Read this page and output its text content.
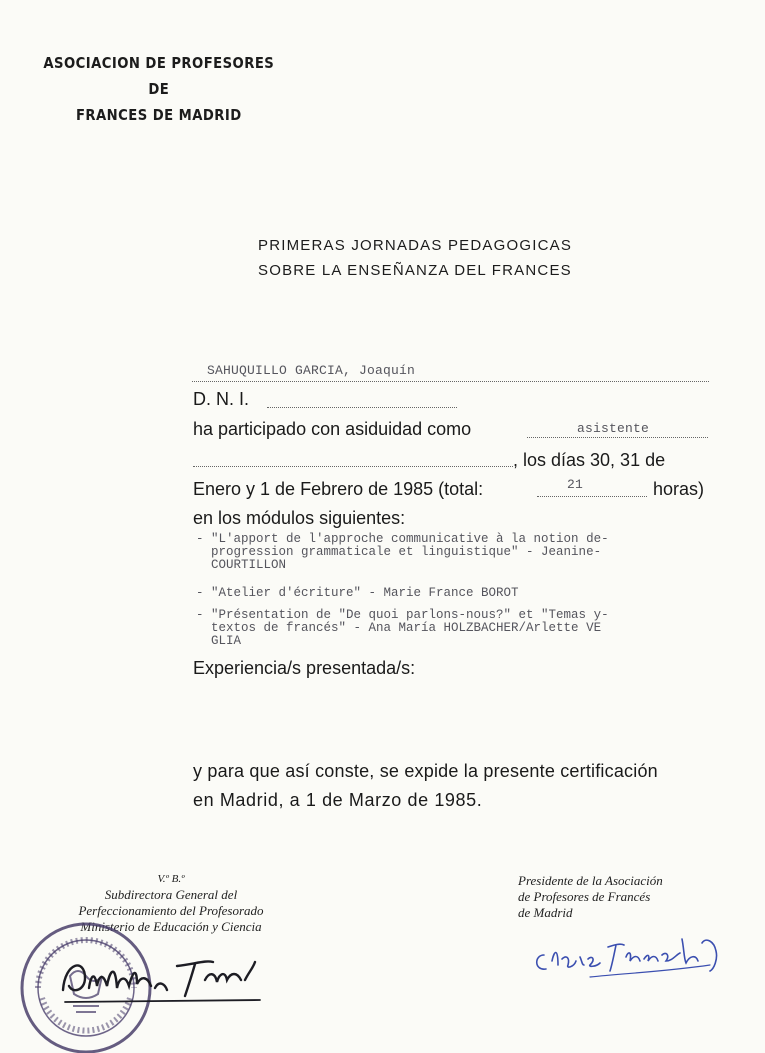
ASOCIACION DE PROFESORES DE
FRANCES DE MADRID
PRIMERAS JORNADAS PEDAGOGICAS
SOBRE LA ENSEÑANZA DEL FRANCES
SAHUQUILLO GARCIA, Joaquín
D. N. I.
ha participado con asiduidad como	asistente
, los días 30, 31 de
Enero y 1 de Febrero de 1985 (total:	21	horas)
en los módulos siguientes:
- "L'apport de l'approche communicative à la notion de-
progression grammaticale et linguistique" - Jeanine-
COURTILLON
- "Atelier d'écriture" - Marie France BOROT
- "Présentation de "De quoi parlons-nous?" et "Temas y-
textos de francés" - Ana María HOLZBACHER/Arlette VE
GLIA
Experiencia/s presentada/s:
y para que así conste, se expide la presente certificación
en Madrid, a 1 de Marzo de 1985.
V.º B.º
Subdirectora General del
Perfeccionamiento del Profesorado
Ministerio de Educación y Ciencia
Presidente de la Asociación
de Profesores de Francés
de Madrid
